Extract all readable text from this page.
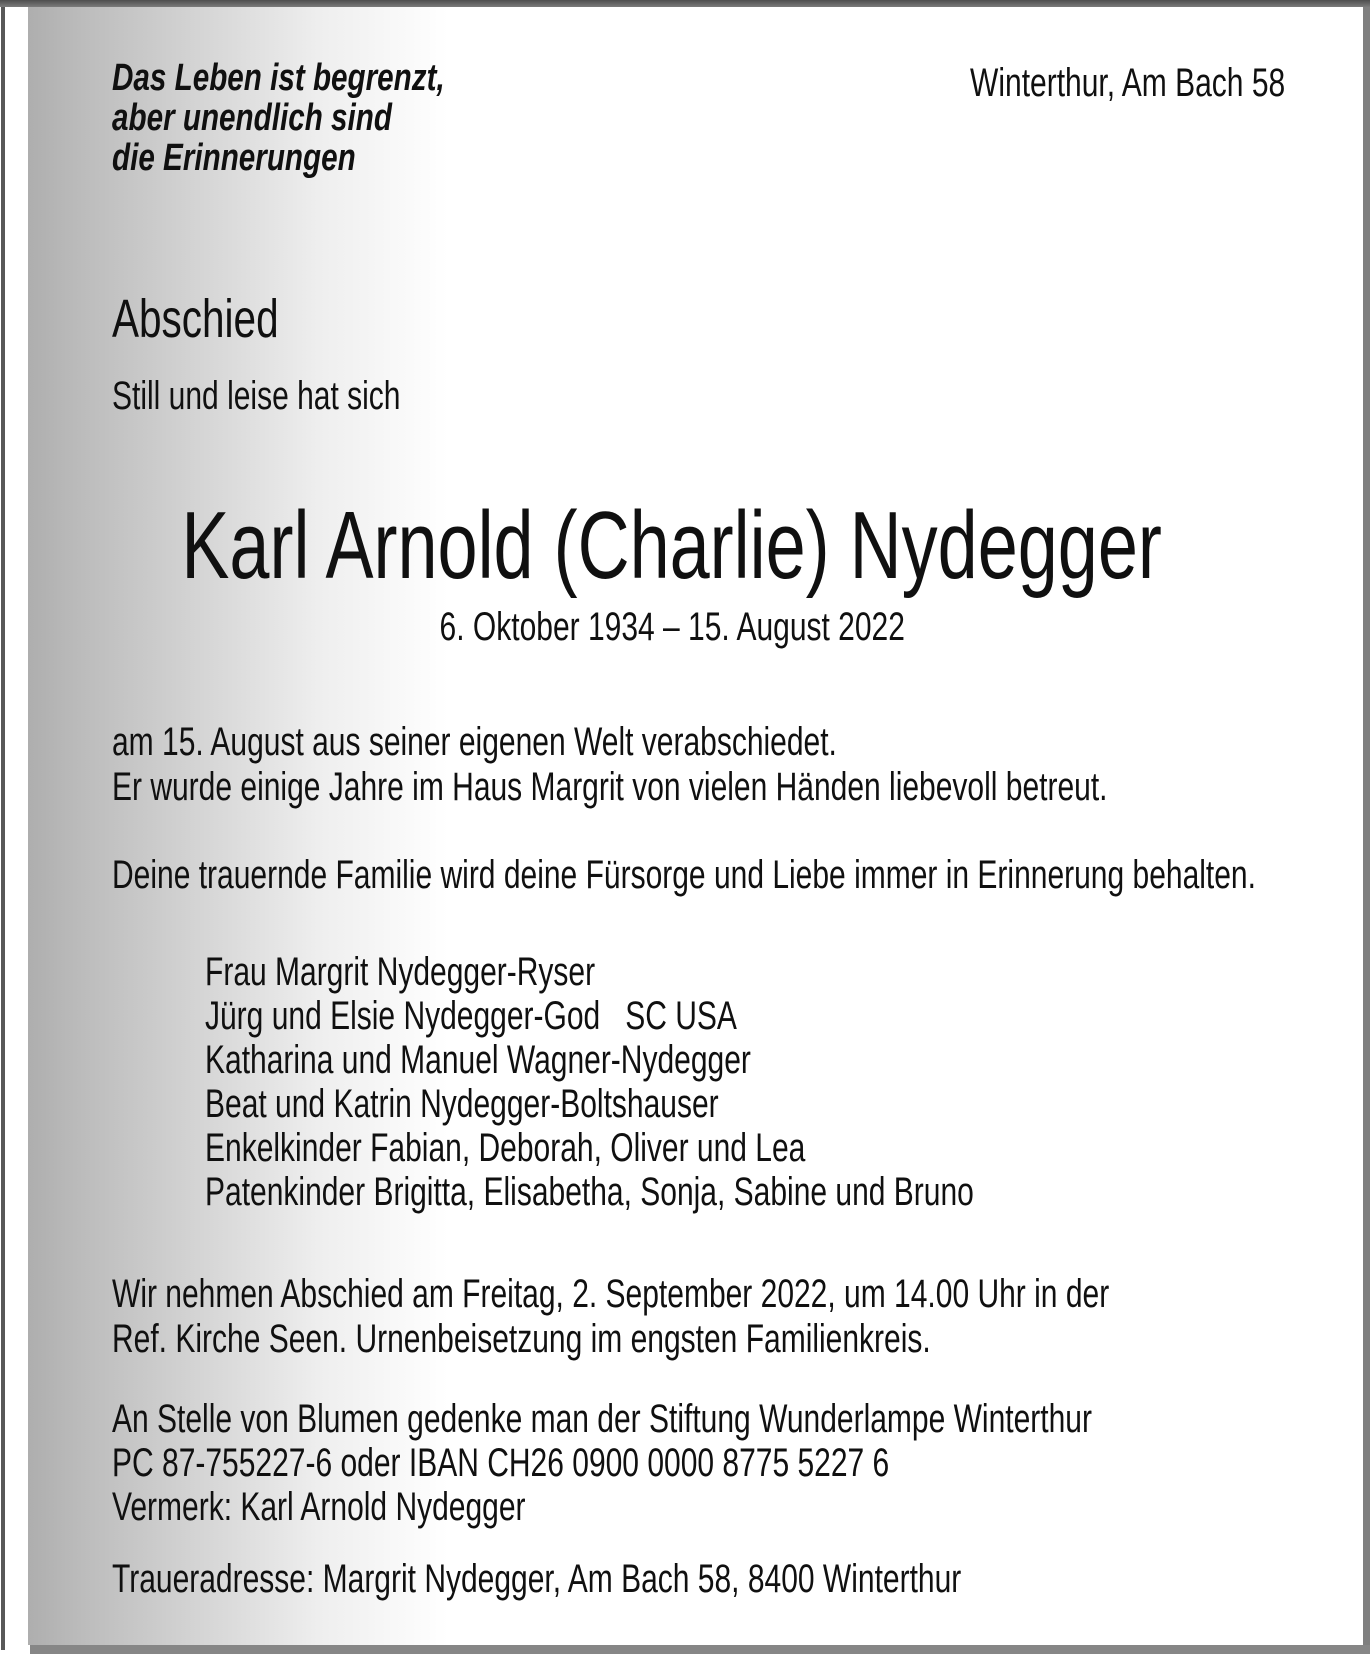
Das Leben ist begrenzt,
aber unendlich sind
die Erinnerungen
Winterthur, Am Bach 58
Abschied
Still und leise hat sich
Karl Arnold (Charlie) Nydegger
6. Oktober 1934 – 15. August 2022
am 15. August aus seiner eigenen Welt verabschiedet.
Er wurde einige Jahre im Haus Margrit von vielen Händen liebevoll betreut.
Deine trauernde Familie wird deine Fürsorge und Liebe immer in Erinnerung behalten.
Frau Margrit Nydegger-Ryser
Jürg und Elsie Nydegger-God   SC USA
Katharina und Manuel Wagner-Nydegger
Beat und Katrin Nydegger-Boltshauser
Enkelkinder Fabian, Deborah, Oliver und Lea
Patenkinder Brigitta, Elisabetha, Sonja, Sabine und Bruno
Wir nehmen Abschied am Freitag, 2. September 2022, um 14.00 Uhr in der
Ref. Kirche Seen. Urnenbeisetzung im engsten Familienkreis.
An Stelle von Blumen gedenke man der Stiftung Wunderlampe Winterthur
PC 87-755227-6 oder IBAN CH26 0900 0000 8775 5227 6
Vermerk: Karl Arnold Nydegger
Traueradresse: Margrit Nydegger, Am Bach 58, 8400 Winterthur
